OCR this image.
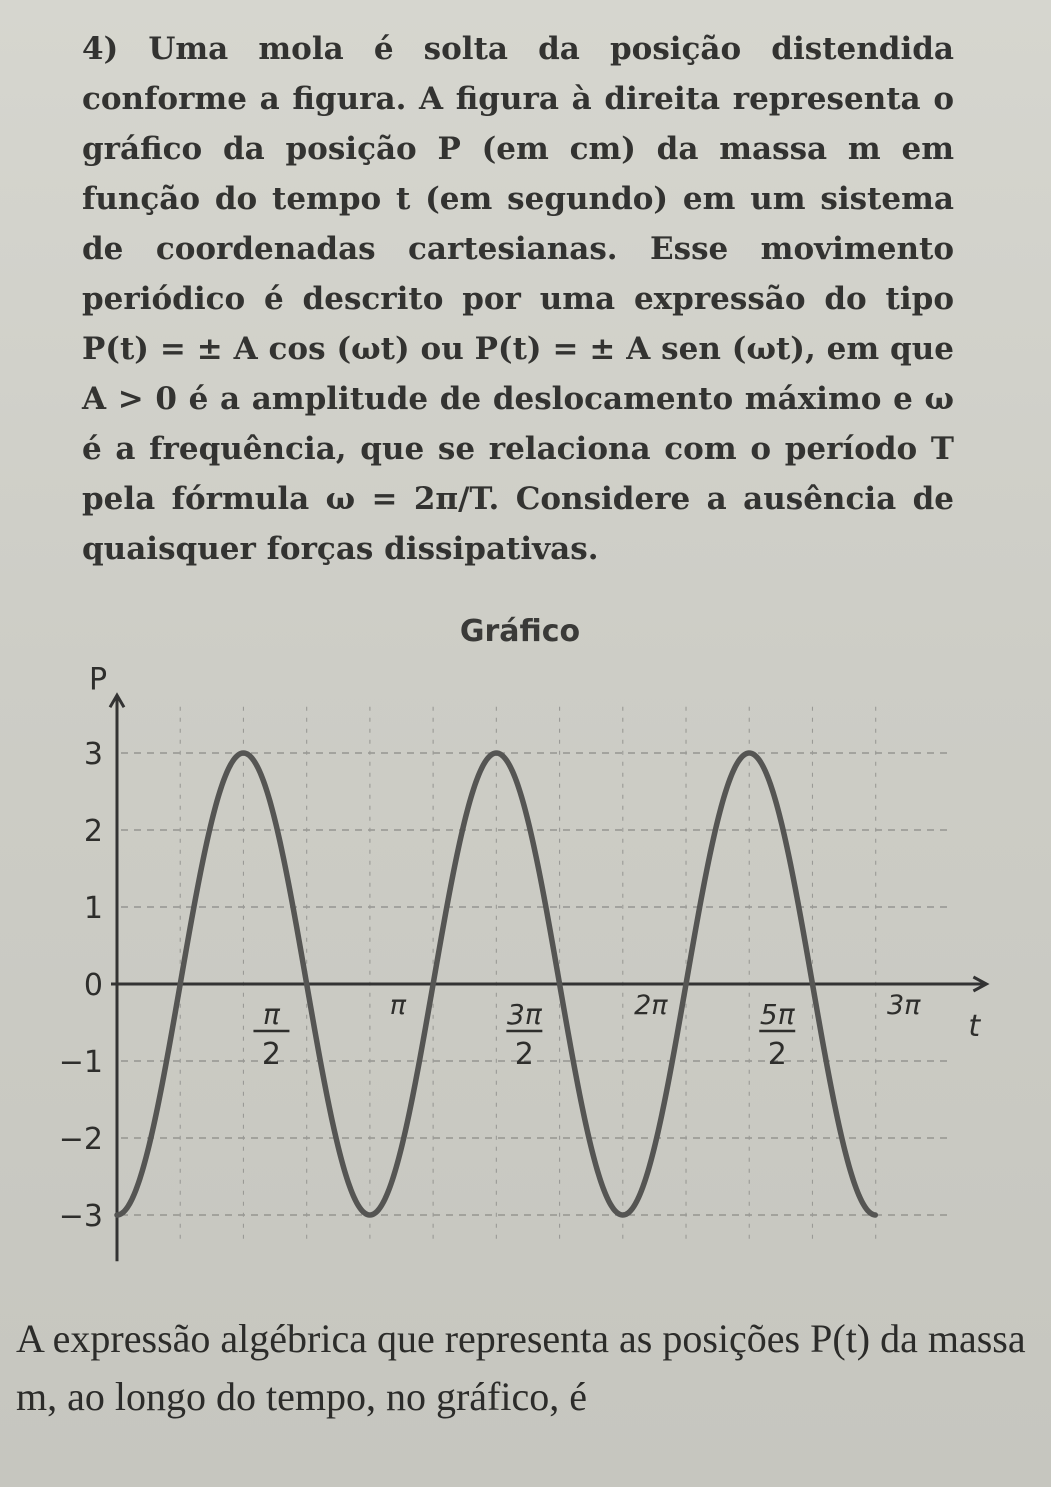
4) Uma mola é solta da posição distendida conforme a figura. A figura à direita representa o gráfico da posição P (em cm) da massa m em função do tempo t (em segundo) em um sistema de coordenadas cartesianas. Esse movimento periódico é descrito por uma expressão do tipo P(t) = ± A cos (ωt) ou P(t) = ± A sen (ωt), em que A > 0 é a amplitude de deslocamento máximo e ω é a frequência, que se relaciona com o período T pela fórmula ω = 2π/T. Considere a ausência de quaisquer forças dissipativas.

Gráfico
P
t
3
2
1
0
−1
−2
−3
π
2
π	3π
2
2π	5π
2
3π

A expressão algébrica que representa as posições P(t) da massa m, ao longo do tempo, no gráfico, é
